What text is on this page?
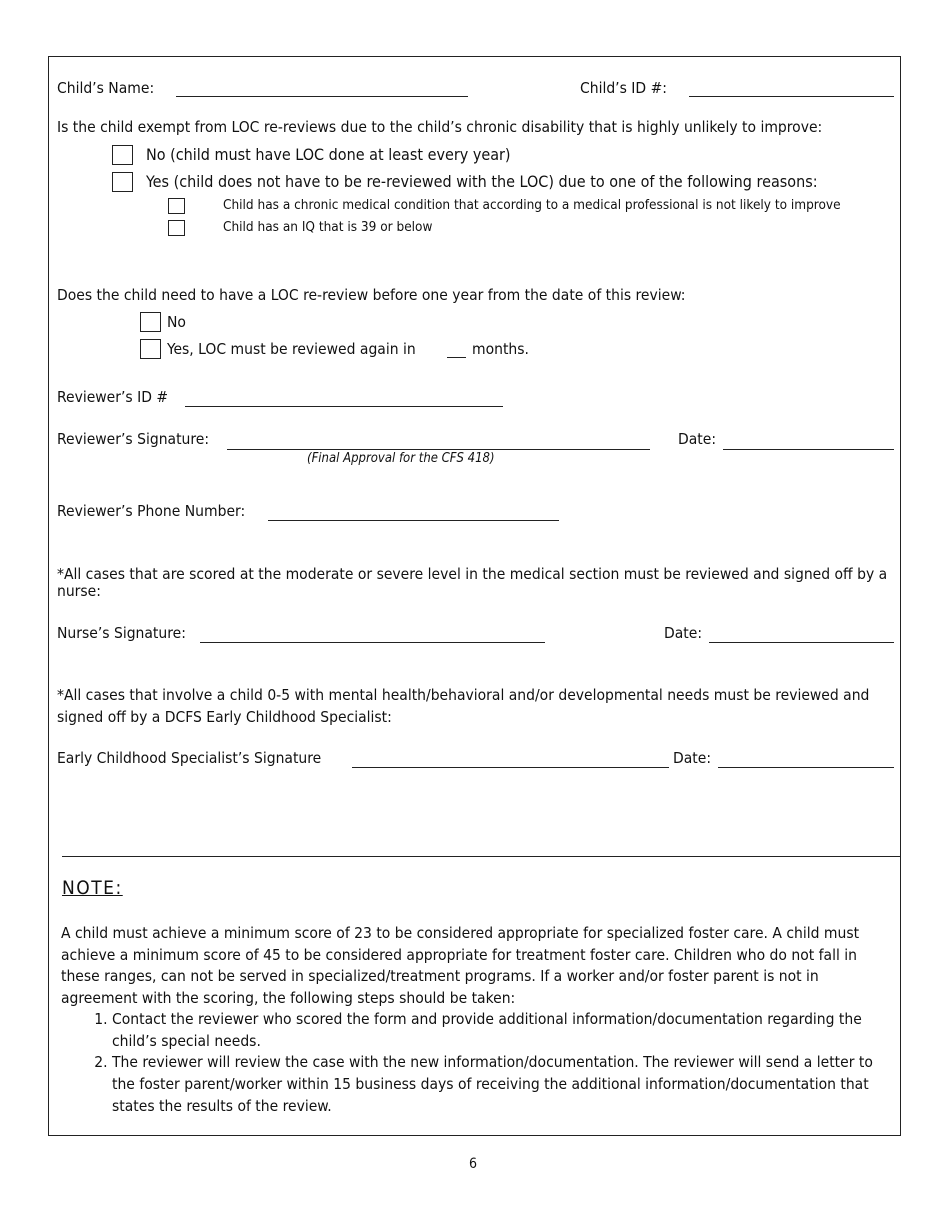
Child’s Name:	Child’s ID #:
Is the child exempt from LOC re-reviews due to the child’s chronic disability that is highly unlikely to improve:
No (child must have LOC done at least every year)
Yes (child does not have to be re-reviewed with the LOC) due to one of the following reasons:
Child has a chronic medical condition that according to a medical professional is not likely to improve
Child has an IQ that is 39 or below
Does the child need to have a LOC re-review before one year from the date of this review:
No
Yes, LOC must be reviewed again in	months.
Reviewer’s ID #
Reviewer’s Signature:
(Final Approval for the CFS 418)
Date:
Reviewer’s Phone Number:
*All cases that are scored at the moderate or severe level in the medical section must be reviewed and signed off by a nurse:
Nurse’s Signature:	Date:
*All cases that involve a child 0-5 with mental health/behavioral and/or developmental needs must be reviewed and signed off by a DCFS Early Childhood Specialist:
Early Childhood Specialist’s Signature	Date:
NOTE:
A child must achieve a minimum score of 23 to be considered appropriate for specialized foster care. A child must achieve a minimum score of 45 to be considered appropriate for treatment foster care. Children who do not fall in these ranges, can not be served in specialized/treatment programs. If a worker and/or foster parent is not in agreement with the scoring, the following steps should be taken:
1. Contact the reviewer who scored the form and provide additional information/documentation regarding the child’s special needs.
2. The reviewer will review the case with the new information/documentation. The reviewer will send a letter to the foster parent/worker within 15 business days of receiving the additional information/documentation that states the results of the review.
6
